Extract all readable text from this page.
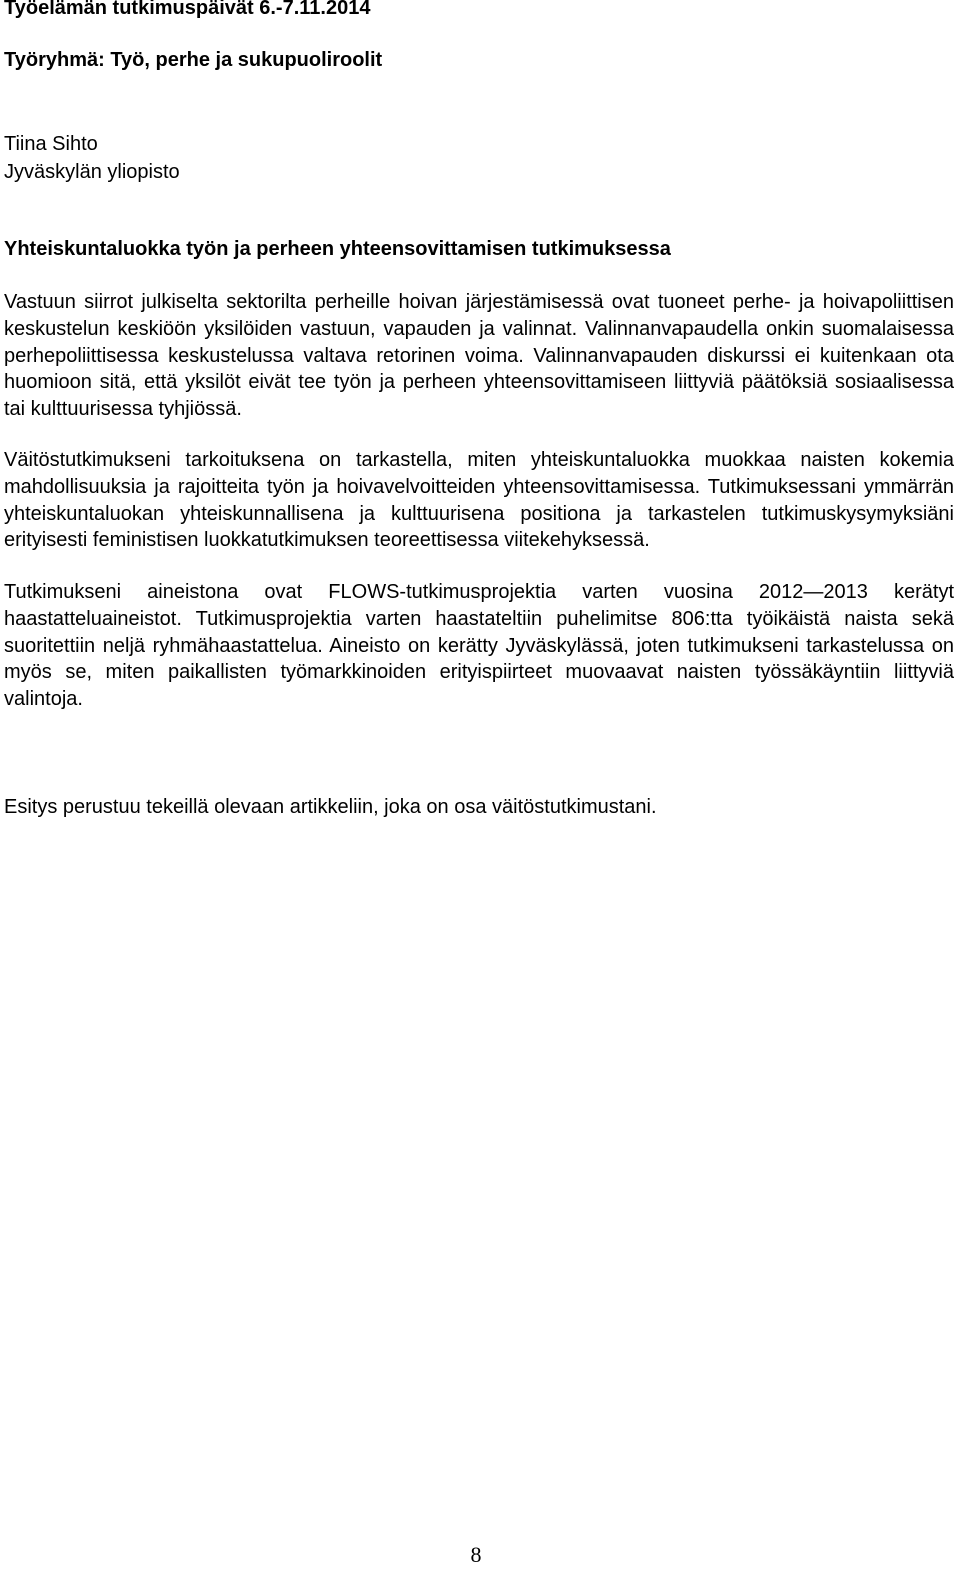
Työelämän tutkimuspäivät 6.-7.11.2014
Työryhmä: Työ, perhe ja sukupuoliroolit
Tiina Sihto
Jyväskylän yliopisto
Yhteiskuntaluokka työn ja perheen yhteensovittamisen tutkimuksessa
Vastuun siirrot julkiselta sektorilta perheille hoivan järjestämisessä ovat tuoneet perhe- ja hoivapoliittisen keskustelun keskiöön yksilöiden vastuun, vapauden ja valinnat. Valinnanvapaudella onkin suomalaisessa perhepoliittisessa keskustelussa valtava retorinen voima. Valinnanvapauden diskurssi ei kuitenkaan ota huomioon sitä, että yksilöt eivät tee työn ja perheen yhteensovittamiseen liittyviä päätöksiä sosiaalisessa tai kulttuurisessa tyhjiössä.
Väitöstutkimukseni tarkoituksena on tarkastella, miten yhteiskuntaluokka muokkaa naisten kokemia mahdollisuuksia ja rajoitteita työn ja hoivavelvoitteiden yhteensovittamisessa. Tutkimuksessani ymmärrän yhteiskuntaluokan yhteiskunnallisena ja kulttuurisena positiona ja tarkastelen tutkimuskysymyksiäni erityisesti feministisen luokkatutkimuksen teoreettisessa viitekehyksessä.
Tutkimukseni aineistona ovat FLOWS-tutkimusprojektia varten vuosina 2012—2013 kerätyt haastatteluaineistot. Tutkimusprojektia varten haastateltiin puhelimitse 806:tta työikäistä naista sekä suoritettiin neljä ryhmähaastattelua. Aineisto on kerätty Jyväskylässä, joten tutkimukseni tarkastelussa on myös se, miten paikallisten työmarkkinoiden erityispiirteet muovaavat naisten työssäkäyntiin liittyviä valintoja.
Esitys perustuu tekeillä olevaan artikkeliin, joka on osa väitöstutkimustani.
8
